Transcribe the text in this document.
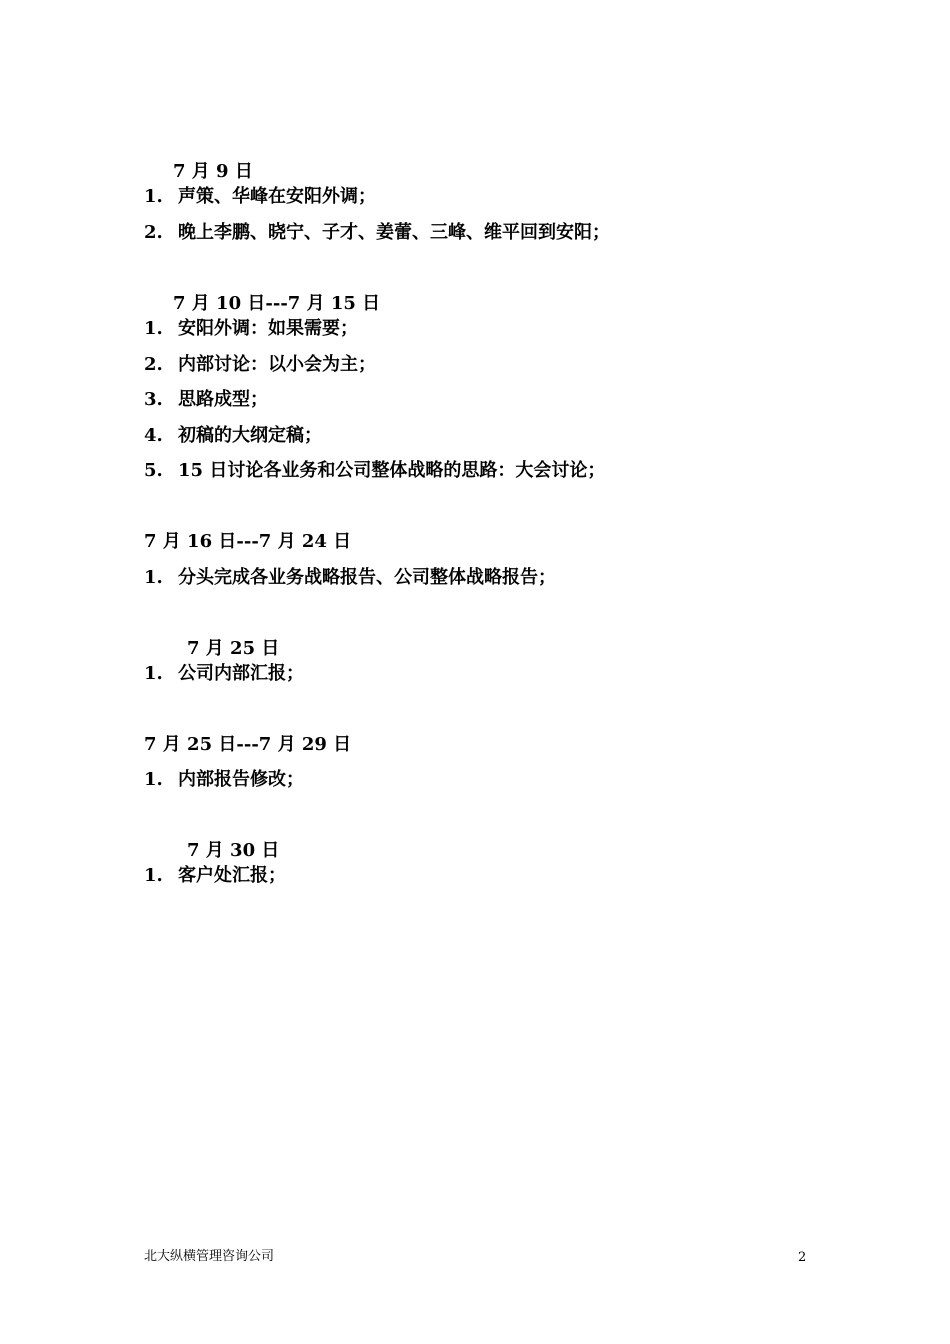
7 月 9 日
1. 声策、华峰在安阳外调；
2. 晚上李鹏、晓宁、子才、姜蕾、三峰、维平回到安阳；
7 月 10 日---7 月 15 日
1. 安阳外调：如果需要；
2. 内部讨论：以小会为主；
3. 思路成型；
4. 初稿的大纲定稿；
5. 15 日讨论各业务和公司整体战略的思路：大会讨论；
7 月 16 日---7 月 24 日
1. 分头完成各业务战略报告、公司整体战略报告；
7 月 25 日
1. 公司内部汇报；
7 月 25 日---7 月 29 日
1. 内部报告修改；
7 月 30 日
1. 客户处汇报；
北大纵横管理咨询公司	2
